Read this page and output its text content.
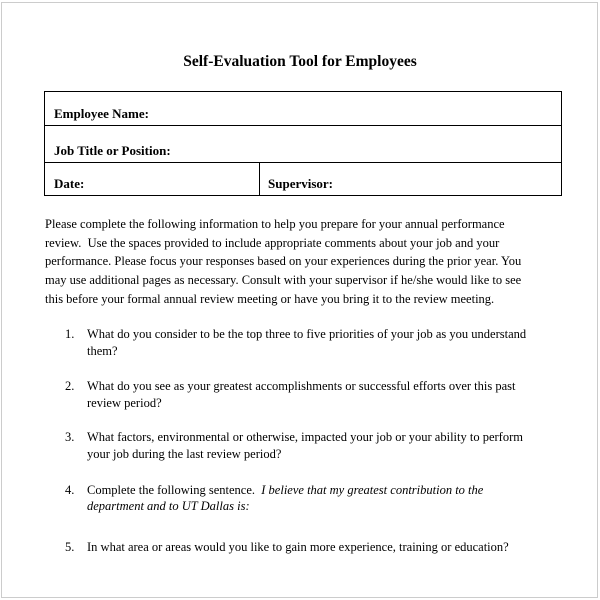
Self-Evaluation Tool for Employees
Employee Name:
Job Title or Position:
Date:	Supervisor:
Please complete the following information to help you prepare for your annual performance
review.  Use the spaces provided to include appropriate comments about your job and your
performance. Please focus your responses based on your experiences during the prior year. You
may use additional pages as necessary. Consult with your supervisor if he/she would like to see
this before your formal annual review meeting or have you bring it to the review meeting.
1.	What do you consider to be the top three to five priorities of your job as you understand
them?
2.	What do you see as your greatest accomplishments or successful efforts over this past
review period?
3.	What factors, environmental or otherwise, impacted your job or your ability to perform
your job during the last review period?
4.	Complete the following sentence.  I believe that my greatest contribution to the
department and to UT Dallas is:
5.	In what area or areas would you like to gain more experience, training or education?
